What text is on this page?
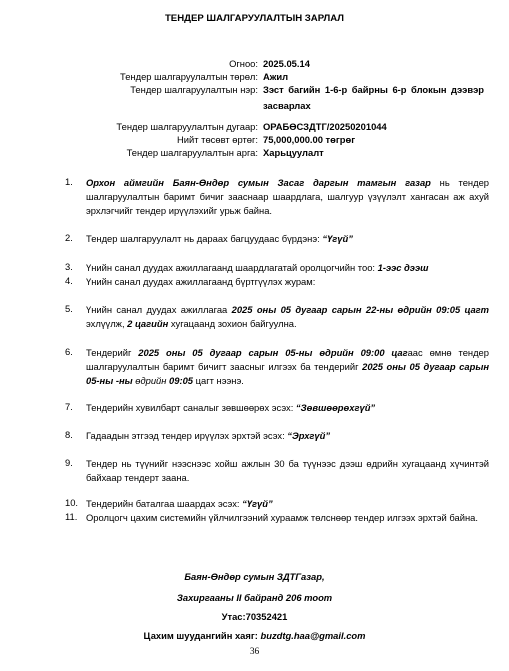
ТЕНДЕР ШАЛГАРУУЛАЛТЫН ЗАРЛАЛ
Огноо: 2025.05.14
Тендер шалгаруулалтын төрөл: Ажил
Тендер шалгаруулалтын нэр: Зэст багийн 1-6-р байрны 6-р блокын дээвэр засварлах
Тендер шалгаруулалтын дугаар: ОРАБӨСЗДТГ/20250201044
Нийт төсөвт өртөг: 75,000,000.00 төгрөг
Тендер шалгаруулалтын арга: Харьцуулалт
1.	Орхон аймгийн Баян-Өндөр сумын Засаг даргын тамгын газар нь тендер шалгаруулалтын баримт бичиг зааснаар шаардлага, шалгуур үзүүлэлт хангасан аж ахуй эрхлэгчийг тендер ирүүлэхийг урьж байна.
2.	Тендер шалгаруулалт нь дараах багцуудаас бүрдэнэ: “Үгүй”
3.	Үнийн санал дуудах ажиллагаанд шаардлагатай оролцогчийн тоо: 1-ээс дээш
4.	Үнийн санал дуудах ажиллагаанд бүртгүүлэх журам:
5.	Үнийн санал дуудах ажиллагаа 2025 оны 05 дугаар сарын 22-ны өдрийн 09:05 цагт эхлүүлж, 2 цагийн хугацаанд зохион байгуулна.
6.	Тендерийг 2025 оны 05 дугаар сарын 05-ны өдрийн 09:00 цагаас өмнө тендер шалгаруулалтын баримт бичигт заасныг илгээх ба тендерийг 2025 оны 05 дугаар сарын 05-ны -ны өдрийн 09:05 цагт нээнэ.
7.	Тендерийн хувилбарт саналыг зөвшөөрөх эсэх: “Зөвшөөрөхгүй”
8.	Гадаадын этгээд тендер ирүүлэх эрхтэй эсэх: “Эрхгүй”
9.	Тендер нь түүнийг нээснээс хойш ажлын 30 ба түүнээс дээш өдрийн хугацаанд хүчинтэй байхаар тендерт заана.
10. Тендерийн баталгаа шаардах эсэх: “Үгүй”
11. Оролцогч цахим системийн үйлчилгээний хураамж төлснөөр тендер илгээх эрхтэй байна.
Баян-Өндөр сумын ЗДТГазар,
Захиргааны II байранд 206 тоот
Утас:70352421
Цахим шуудангийн хаяг: buzdtg.haa@gmail.com
36
